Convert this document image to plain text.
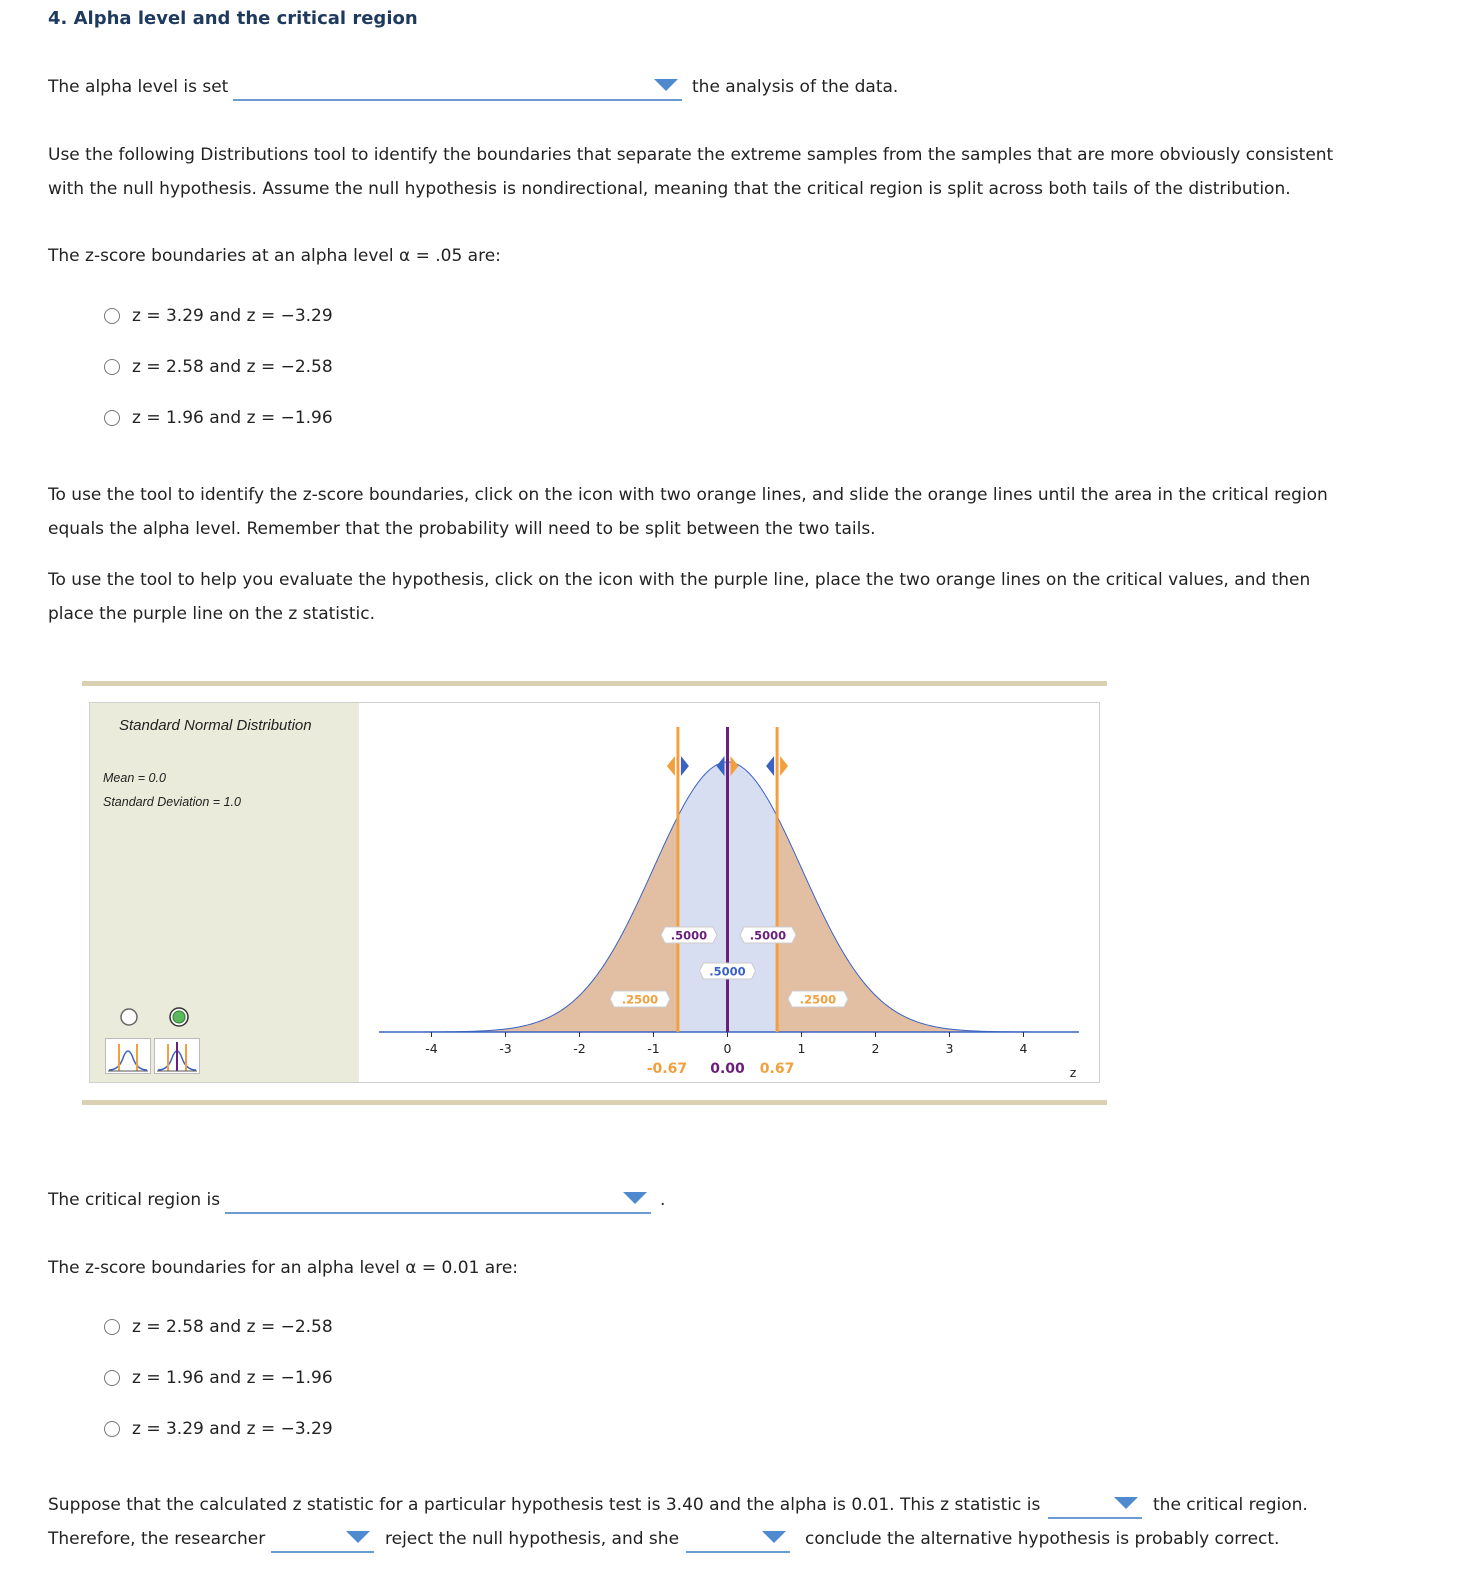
4. Alpha level and the critical region
The alpha level is set	the analysis of the data.
Use the following Distributions tool to identify the boundaries that separate the extreme samples from the samples that are more obviously consistent
with the null hypothesis. Assume the null hypothesis is nondirectional, meaning that the critical region is split across both tails of the distribution.
The z-score boundaries at an alpha level α = .05 are:
z = 3.29 and z = −3.29
z = 2.58 and z = −2.58
z = 1.96 and z = −1.96
To use the tool to identify the z-score boundaries, click on the icon with two orange lines, and slide the orange lines until the area in the critical region
equals the alpha level. Remember that the probability will need to be split between the two tails.
To use the tool to help you evaluate the hypothesis, click on the icon with the purple line, place the two orange lines on the critical values, and then
place the purple line on the z statistic.
Standard Normal Distribution
Mean = 0.0
Standard Deviation = 1.0
-4	-3	-2	-1	0	1	2	3	4
z
.2500	.2500
.5000	.5000
.5000
-0.67 0.00 0.67
The critical region is	.
The z-score boundaries for an alpha level α = 0.01 are:
z = 2.58 and z = −2.58
z = 1.96 and z = −1.96
z = 3.29 and z = −3.29
Suppose that the calculated z statistic for a particular hypothesis test is 3.40 and the alpha is 0.01. This z statistic is	the critical region.
Therefore, the researcher	reject the null hypothesis, and she	conclude the alternative hypothesis is probably correct.
